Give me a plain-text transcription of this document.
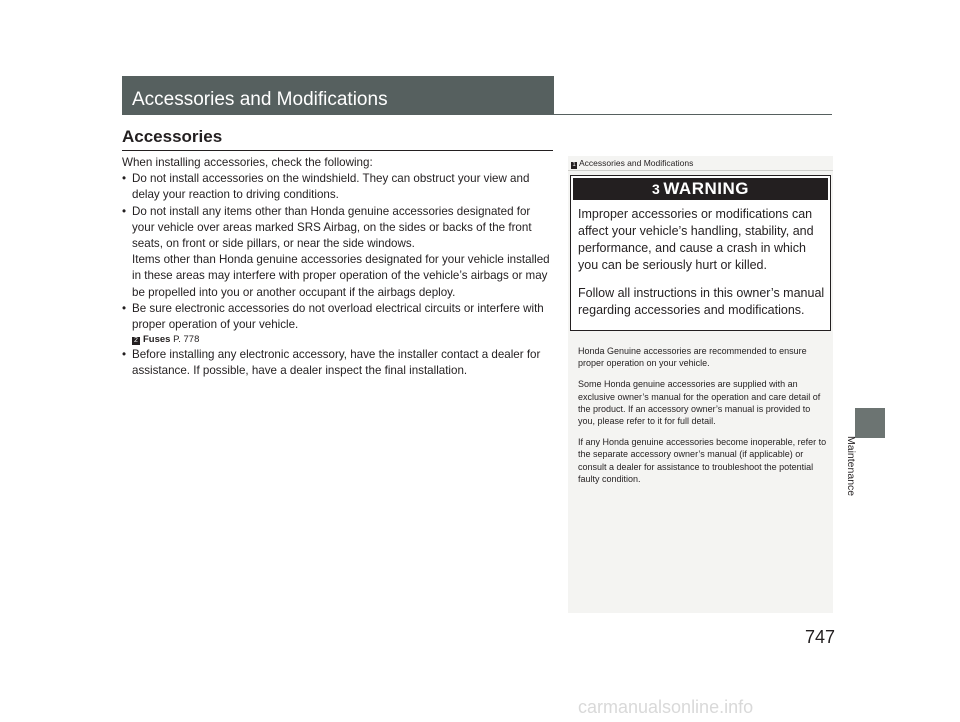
Accessories and Modifications
Accessories

When installing accessories, check the following:

• Do not install accessories on the windshield. They can obstruct your view and delay your reaction to driving conditions.

• Do not install any items other than Honda genuine accessories designated for your vehicle over areas marked SRS Airbag, on the sides or backs of the front seats, on front or side pillars, or near the side windows.

Items other than Honda genuine accessories designated for your vehicle installed in these areas may interfere with proper operation of the vehicle’s airbags or may be propelled into you or another occupant if the airbags deploy.

• Be sure electronic accessories do not overload electrical circuits or interfere with proper operation of your vehicle.

2 Fuses P. 778

• Before installing any electronic accessory, have the installer contact a dealer for assistance. If possible, have a dealer inspect the final installation.

1 Accessories and Modifications
3 WARNING

Improper accessories or modifications can affect your vehicle’s handling, stability, and performance, and cause a crash in which you can be seriously hurt or killed.

Follow all instructions in this owner’s manual regarding accessories and modifications.

Honda Genuine accessories are recommended to ensure proper operation on your vehicle.

Some Honda genuine accessories are supplied with an exclusive owner’s manual for the operation and care detail of the product. If an accessory owner’s manual is provided to you, please refer to it for full detail.

If any Honda genuine accessories become inoperable, refer to the separate accessory owner’s manual (if applicable) or consult a dealer for assistance to troubleshoot the potential faulty condition.	Maintenance
747
carmanualsonline.info
